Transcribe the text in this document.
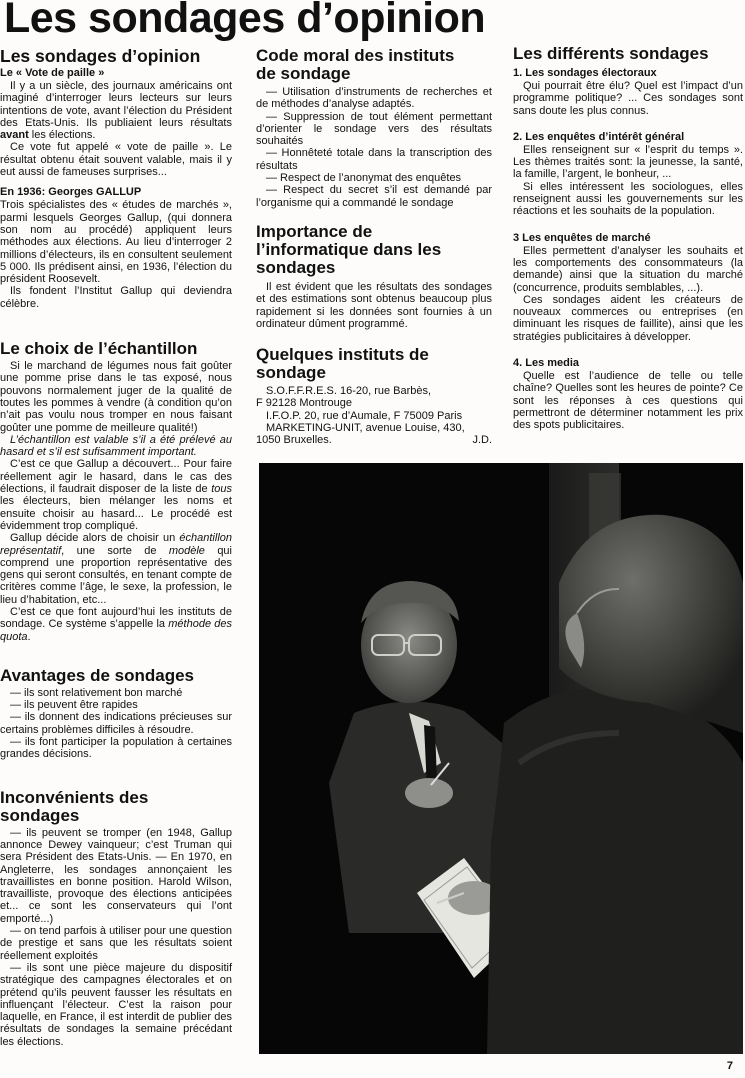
Les sondages d’opinion
Les sondages d’opinion
Le « Vote de paille »

Il y a un siècle, des journaux américains ont imaginé d’interroger leurs lecteurs sur leurs intentions de vote, avant l’élection du Président des Etats-Unis. Ils publiaient leurs résultats avant les élections.

Ce vote fut appelé « vote de paille ». Le résultat obtenu était souvent valable, mais il y eut aussi de fameuses surprises...

En 1936: Georges GALLUP

Trois spécialistes des « études de marchés », parmi lesquels Georges Gallup, (qui donnera son nom au procédé) appliquent leurs méthodes aux élections. Au lieu d’interroger 2 millions d’électeurs, ils en consultent seulement 5 000. Ils prédisent ainsi, en 1936, l’élection du président Roosevelt.

Ils fondent l’Institut Gallup qui deviendra célèbre.

Le choix de l’échantillon

Si le marchand de légumes nous fait goûter une pomme prise dans le tas exposé, nous pouvons normalement juger de la qualité de toutes les pommes à vendre (à condition qu’on n’ait pas voulu nous tromper en nous faisant goûter une pomme de meilleure qualité!)

L’échantillon est valable s’il a été prélevé au hasard et s’il est sufisamment important.

C’est ce que Gallup a découvert... Pour faire réellement agir le hasard, dans le cas des élections, il faudrait disposer de la liste de tous les électeurs, bien mélanger les noms et ensuite choisir au hasard... Le procédé est évidemment trop compliqué.

Gallup décide alors de choisir un échantillon représentatif, une sorte de modèle qui comprend une proportion représentative des gens qui seront consultés, en tenant compte de critères comme l’âge, le sexe, la profession, le lieu d’habitation, etc...

C’est ce que font aujourd’hui les instituts de sondage. Ce système s’appelle la méthode des quota.

Avantages de sondages

— ils sont relativement bon marché

— ils peuvent être rapides

— ils donnent des indications précieuses sur certains problèmes difficiles à résoudre.

— ils font participer la population à certaines grandes décisions.

Inconvénients des sondages

— ils peuvent se tromper (en 1948, Gallup annonce Dewey vainqueur; c’est Truman qui sera Président des Etats-Unis. — En 1970, en Angleterre, les sondages annonçaient les travaillistes en bonne position. Harold Wilson, travailliste, provoque des élections anticipées et... ce sont les conservateurs qui l’ont emporté...)

— on tend parfois à utiliser pour une question de prestige et sans que les résultats soient réellement exploités

— ils sont une pièce majeure du dispositif stratégique des campagnes électorales et on prétend qu’ils peuvent fausser les résultats en influençant l’électeur. C’est la raison pour laquelle, en France, il est interdit de publier des résultats de sondages la semaine précédant les élections.

Code moral des instituts de sondage

— Utilisation d’instruments de recherches et de méthodes d’analyse adaptés.

— Suppression de tout élément permettant d’orienter le sondage vers des résultats souhaités

— Honnêteté totale dans la transcription des résultats

— Respect de l’anonymat des enquêtes

— Respect du secret s’il est demandé par l’organisme qui a commandé le sondage

Importance de l’informatique dans les sondages

Il est évident que les résultats des sondages et des estimations sont obtenus beaucoup plus rapidement si les données sont fournies à un ordinateur dûment programmé.

Quelques instituts de sondage

S.O.F.F.R.E.S. 16-20, rue Barbès,

F 92128 Montrouge

I.F.O.P. 20, rue d’Aumale, F 75009 Paris

MARKETING-UNIT, avenue Louise, 430,

1050 Bruxelles.	J.D.

Les différents sondages
1. Les sondages électoraux

Qui pourrait être élu? Quel est l’impact d’un programme politique? ... Ces sondages sont sans doute les plus connus.

2. Les enquêtes d’intérêt général

Elles renseignent sur « l’esprit du temps ». Les thèmes traités sont: la jeunesse, la santé, la famille, l’argent, le bonheur, ...

Si elles intéressent les sociologues, elles renseignent aussi les gouvernements sur les réactions et les souhaits de la population.

3 Les enquêtes de marché

Elles permettent d’analyser les souhaits et les comportements des consommateurs (la demande) ainsi que la situation du marché (concurrence, produits semblables, ...).

Ces sondages aident les créateurs de nouveaux commerces ou entreprises (en diminuant les risques de faillite), ainsi que les stratégies publicitaires à développer.

4. Les media

Quelle est l’audience de telle ou telle chaîne? Quelles sont les heures de pointe? Ce sont les réponses à ces questions qui permettront de déterminer notamment les prix des spots publicitaires.

7
